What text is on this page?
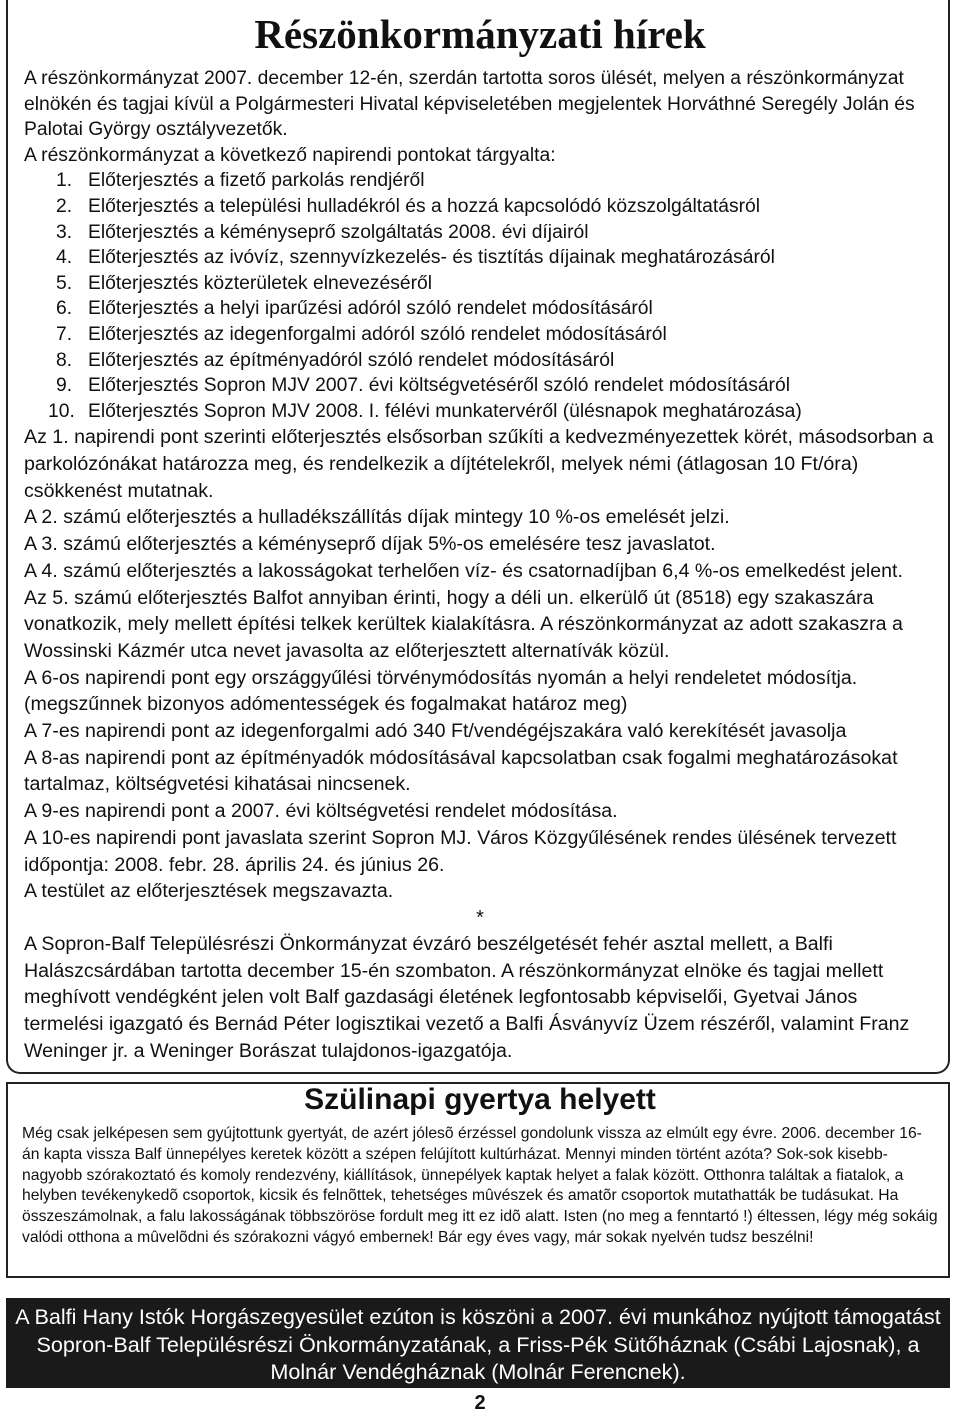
Részönkormányzati hírek

A részönkormányzat 2007. december 12-én, szerdán tartotta soros ülését, melyen a részönkormányzat elnökén és tagjai kívül a Polgármesteri Hivatal képviseletében megjelentek Horváthné Seregély Jolán és Palotai György osztályvezetők.

A részönkormányzat a következő napirendi pontokat tárgyalta:

1. Előterjesztés a fizető parkolás rendjéről
2. Előterjesztés a települési hulladékról és a hozzá kapcsolódó közszolgáltatásról
3. Előterjesztés a kéményseprő szolgáltatás 2008. évi díjairól
4. Előterjesztés az ivóvíz, szennyvízkezelés- és tisztítás díjainak meghatározásáról
5. Előterjesztés közterületek elnevezéséről
6. Előterjesztés a helyi iparűzési adóról szóló rendelet módosításáról
7. Előterjesztés az idegenforgalmi adóról szóló rendelet módosításáról
8. Előterjesztés az építményadóról szóló rendelet módosításáról
9. Előterjesztés Sopron MJV 2007. évi költségvetéséről szóló rendelet módosításáról
10. Előterjesztés Sopron MJV 2008. I. félévi munkatervéről (ülésnapok meghatározása)

Az 1. napirendi pont szerinti előterjesztés elsősorban szűkíti a kedvezményezettek körét, másodsorban a parkolózónákat határozza meg, és rendelkezik a díjtételekről, melyek némi (átlagosan 10 Ft/óra) csökkenést mutatnak.

A 2. számú előterjesztés a hulladékszállítás díjak mintegy 10 %-os emelését jelzi.

A 3. számú előterjesztés a kéményseprő díjak 5%-os emelésére tesz javaslatot.

A 4. számú előterjesztés a lakosságokat terhelően víz- és csatornadíjban 6,4 %-os emelkedést jelent.

Az 5. számú előterjesztés Balfot annyiban érinti, hogy a déli un. elkerülő út (8518) egy szakaszára vonatkozik, mely mellett építési telkek kerültek kialakításra. A részönkormányzat az adott szakaszra a Wossinski Kázmér utca nevet javasolta az előterjesztett alternatívák közül.

A 6-os napirendi pont egy országgyűlési törvénymódosítás nyomán a helyi rendeletet módosítja. (megszűnnek bizonyos adómentességek és fogalmakat határoz meg)

A 7-es napirendi pont az idegenforgalmi adó 340 Ft/vendégéjszakára való kerekítését javasolja

A 8-as napirendi pont az építményadók módosításával kapcsolatban csak fogalmi meghatározásokat tartalmaz, költségvetési kihatásai nincsenek.

A 9-es napirendi pont a 2007. évi költségvetési rendelet módosítása.

A 10-es napirendi pont javaslata szerint Sopron MJ. Város Közgyűlésének rendes ülésének tervezett időpontja: 2008. febr. 28. április 24. és június 26.

A testület az előterjesztések megszavazta.

*

A Sopron-Balf Településrészi Önkormányzat évzáró beszélgetését fehér asztal mellett, a Balfi Halászcsárdában tartotta december 15-én szombaton. A részönkormányzat elnöke és tagjai mellett meghívott vendégként jelen volt Balf gazdasági életének legfontosabb képviselői, Gyetvai János termelési igazgató és Bernád Péter logisztikai vezető a Balfi Ásványvíz Üzem részéről, valamint Franz Weninger jr. a Weninger Borászat tulajdonos-igazgatója.

Szülinapi gyertya helyett

Még csak jelképesen sem gyújtottunk gyertyát, de azért jólesõ érzéssel gondolunk vissza az elmúlt egy évre. 2006. december 16-án kapta vissza Balf ünnepélyes keretek között a szépen felújított kultúrházat. Mennyi minden történt azóta? Sok-sok kisebb-nagyobb szórakoztató és komoly rendezvény, kiállítások, ünnepélyek kaptak helyet a falak között. Otthonra találtak a fiatalok, a helyben tevékenykedõ csoportok, kicsik és felnõttek, tehetséges mûvészek és amatõr csoportok mutathatták be tudásukat. Ha összeszámolnak, a falu lakosságának többszöröse fordult meg itt ez idõ alatt. Isten (no meg a fenntartó !) éltessen, légy még sokáig valódi otthona a mûvelõdni és szórakozni vágyó embernek! Bár egy éves vagy, már sokak nyelvén tudsz beszélni!

A Balfi Hany Istók Horgászegyesület ezúton is köszöni a 2007. évi munkához nyújtott támogatást Sopron-Balf Településrészi Önkormányzatának, a Friss-Pék Sütőháznak (Csábi Lajosnak), a Molnár Vendégháznak (Molnár Ferencnek).

2
